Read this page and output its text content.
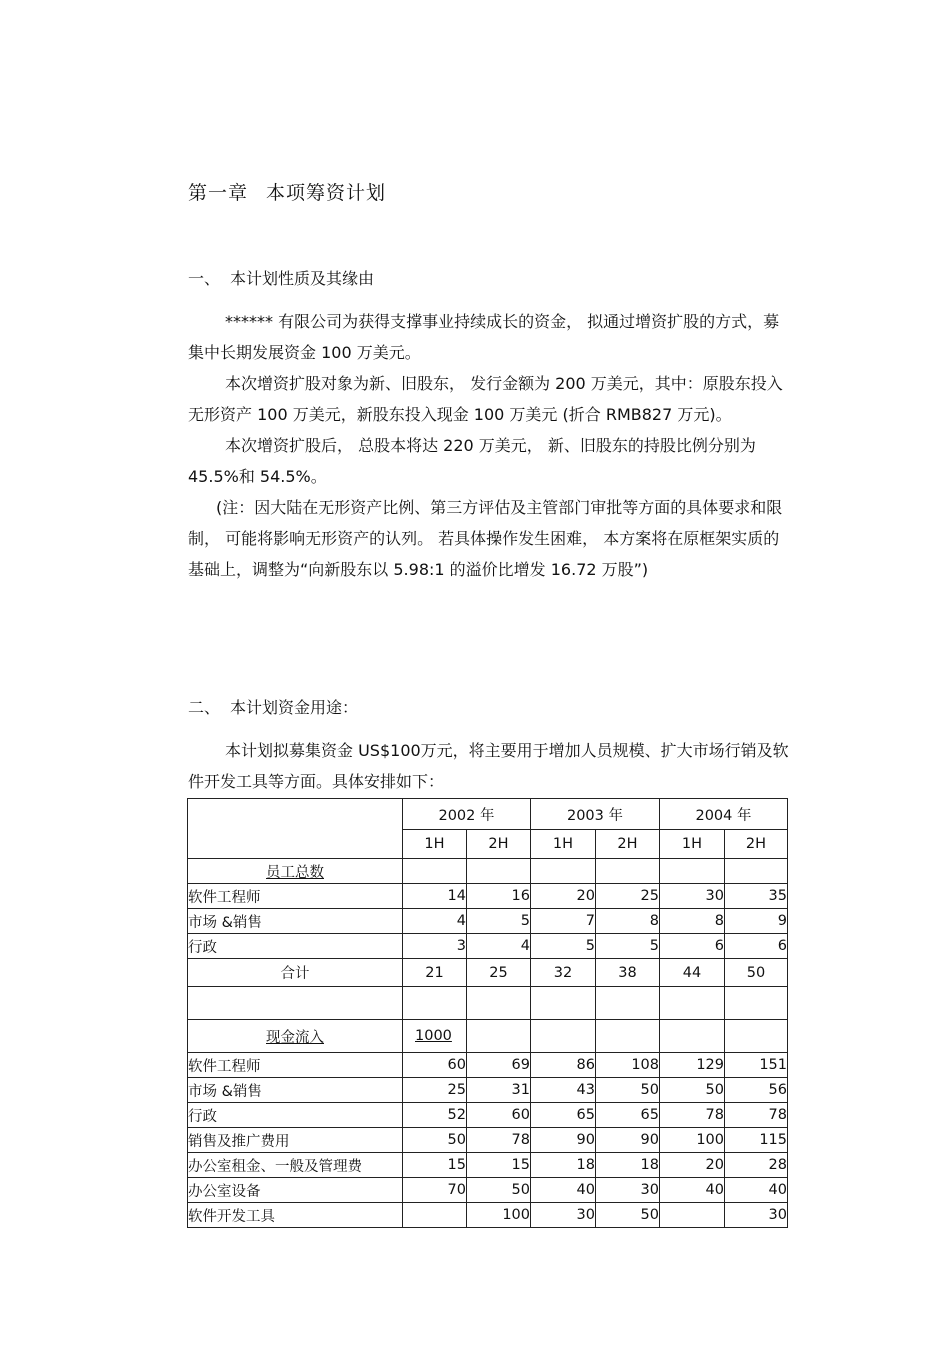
第一章 本项筹资计划
一、 本计划性质及其缘由

****** 有限公司为获得支撑事业持续成长的资金， 拟通过增资扩股的方式，募集中长期发展资金 100 万美元。

本次增资扩股对象为新、旧股东， 发行金额为 200 万美元，其中：原股东投入无形资产 100 万美元，新股东投入现金 100 万美元 (折合 RMB827 万元)。

本次增资扩股后， 总股本将达 220 万美元， 新、旧股东的持股比例分别为 45.5%和 54.5%。

(注：因大陆在无形资产比例、第三方评估及主管部门审批等方面的具体要求和限制， 可能将影响无形资产的认列。 若具体操作发生困难， 本方案将在原框架实质的基础上，调整为“向新股东以 5.98:1 的溢价比增发 16.72 万股”)

二、 本计划资金用途：

本计划拟募集资金 US$100万元，将主要用于增加人员规模、扩大市场行销及软件开发工具等方面。具体安排如下：

	2002 年		2003 年		2004 年	
	1H	2H	1H	2H	1H	2H
员工总数						
软件工程师	14	16	20	25	30	35
市场 &销售	4	5	7	8	8	9
行政	3	4	5	5	6	6
合计	21	25	32	38	44	50

现金流入	1000					
软件工程师	60	69	86	108	129	151
市场 &销售	25	31	43	50	50	56
行政	52	60	65	65	78	78
销售及推广费用	50	78	90	90	100	115
办公室租金、一般及管理费	15	15	18	18	20	28
办公室设备	70	50	40	30	40	40
软件开发工具		100	30	50		30
